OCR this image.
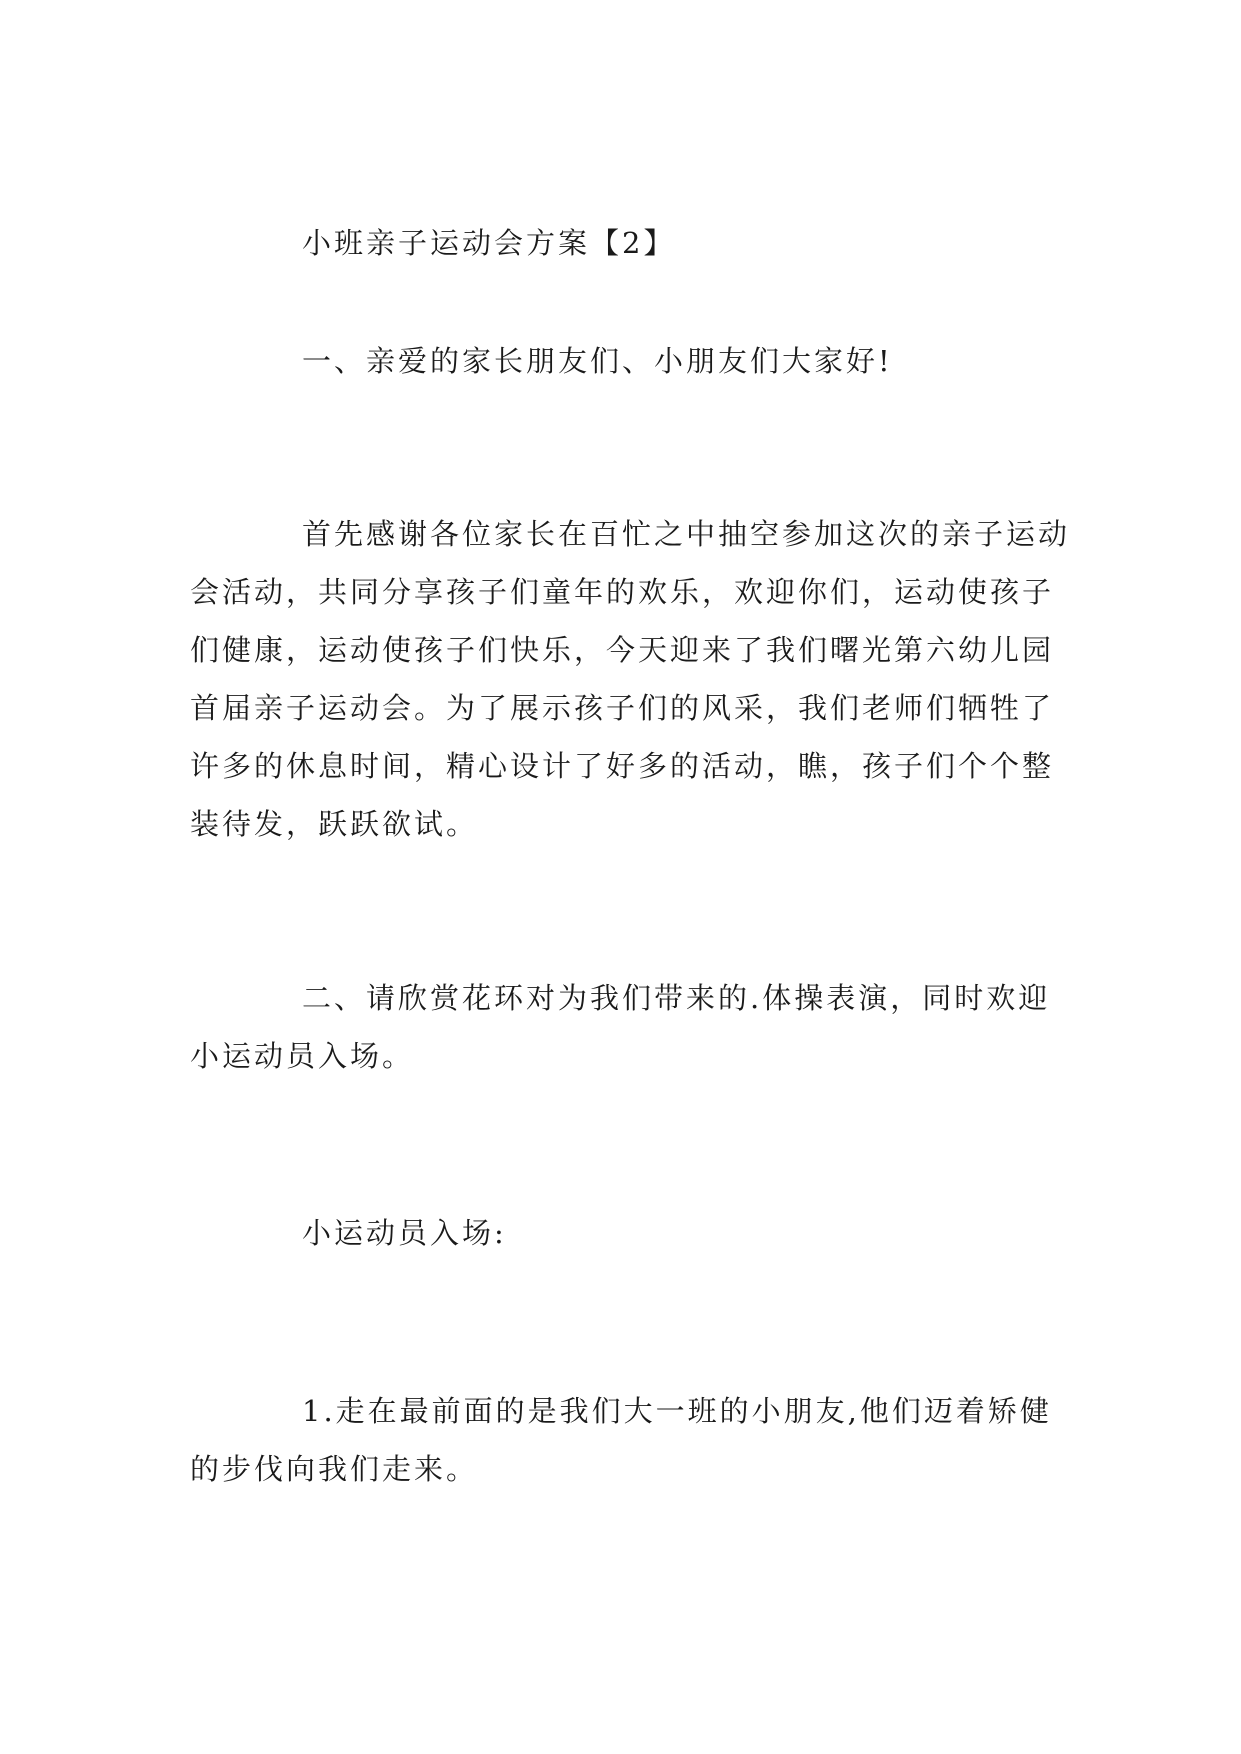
小班亲子运动会方案【2】
一、亲爱的家长朋友们、小朋友们大家好!
首先感谢各位家长在百忙之中抽空参加这次的亲子运动会活动，共同分享孩子们童年的欢乐，欢迎你们，运动使孩子们健康，运动使孩子们快乐，今天迎来了我们曙光第六幼儿园首届亲子运动会。为了展示孩子们的风采，我们老师们牺牲了许多的休息时间，精心设计了好多的活动，瞧，孩子们个个整装待发，跃跃欲试。
二、请欣赏花环对为我们带来的.体操表演，同时欢迎小运动员入场。
小运动员入场:
1.走在最前面的是我们大一班的小朋友,他们迈着矫健的步伐向我们走来。
